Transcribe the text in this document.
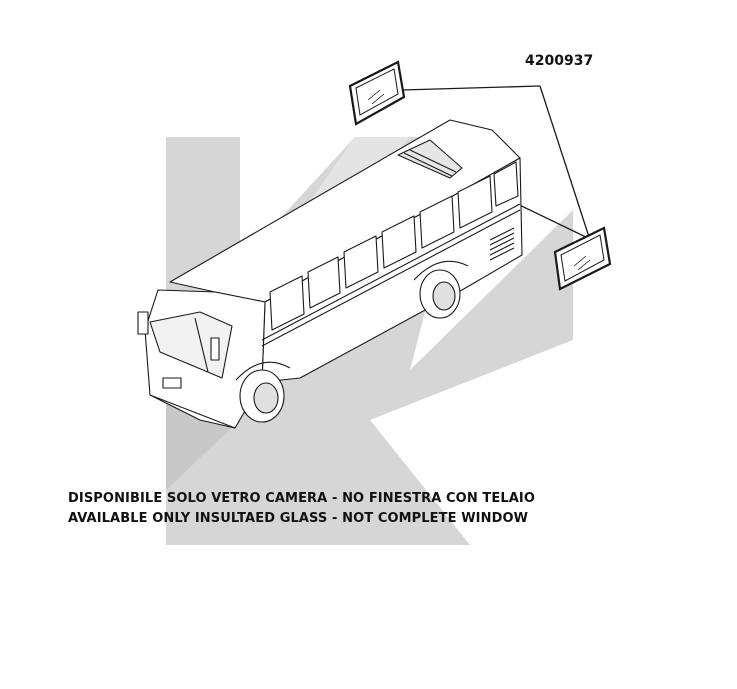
4200937
DISPONIBILE SOLO VETRO CAMERA - NO FINESTRA CON TELAIO
AVAILABLE ONLY INSULTAED GLASS - NOT COMPLETE WINDOW
